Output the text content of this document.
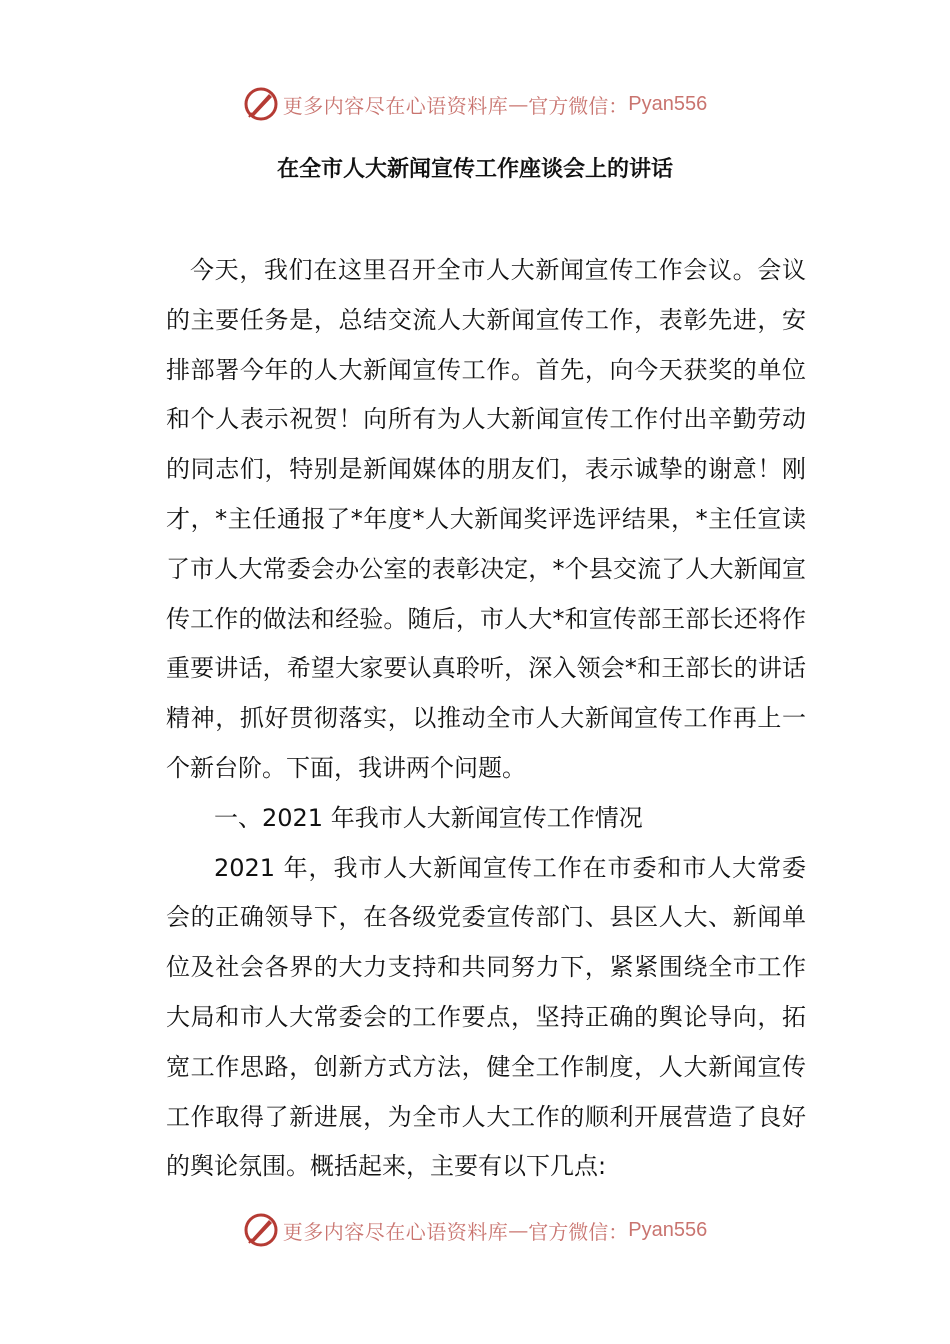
更多内容尽在心语资料库 — 官方微信： Pyan556
在全市人大新闻宣传工作座谈会上的讲话

今天，我们在这里召开全市人大新闻宣传工作会议。会议的主要任务是，总结交流人大新闻宣传工作，表彰先进，安排部署今年的人大新闻宣传工作。首先，向今天获奖的单位和个人表示祝贺！向所有为人大新闻宣传工作付出辛勤劳动的同志们，特别是新闻媒体的朋友们，表示诚挚的谢意！刚才，*主任通报了*年度*人大新闻奖评选评结果，*主任宣读了市人大常委会办公室的表彰决定，*个县交流了人大新闻宣传工作的做法和经验。随后，市人大*和宣传部王部长还将作重要讲话，希望大家要认真聆听，深入领会*和王部长的讲话精神，抓好贯彻落实，以推动全市人大新闻宣传工作再上一个新台阶。下面，我讲两个问题。

一、2021 年我市人大新闻宣传工作情况

2021 年，我市人大新闻宣传工作在市委和市人大常委会的正确领导下，在各级党委宣传部门、县区人大、新闻单位及社会各界的大力支持和共同努力下，紧紧围绕全市工作大局和市人大常委会的工作要点，坚持正确的舆论导向，拓宽工作思路，创新方式方法，健全工作制度，人大新闻宣传工作取得了新进展，为全市人大工作的顺利开展营造了良好的舆论氛围。概括起来，主要有以下几点:

更多内容尽在心语资料库 — 官方微信： Pyan556
